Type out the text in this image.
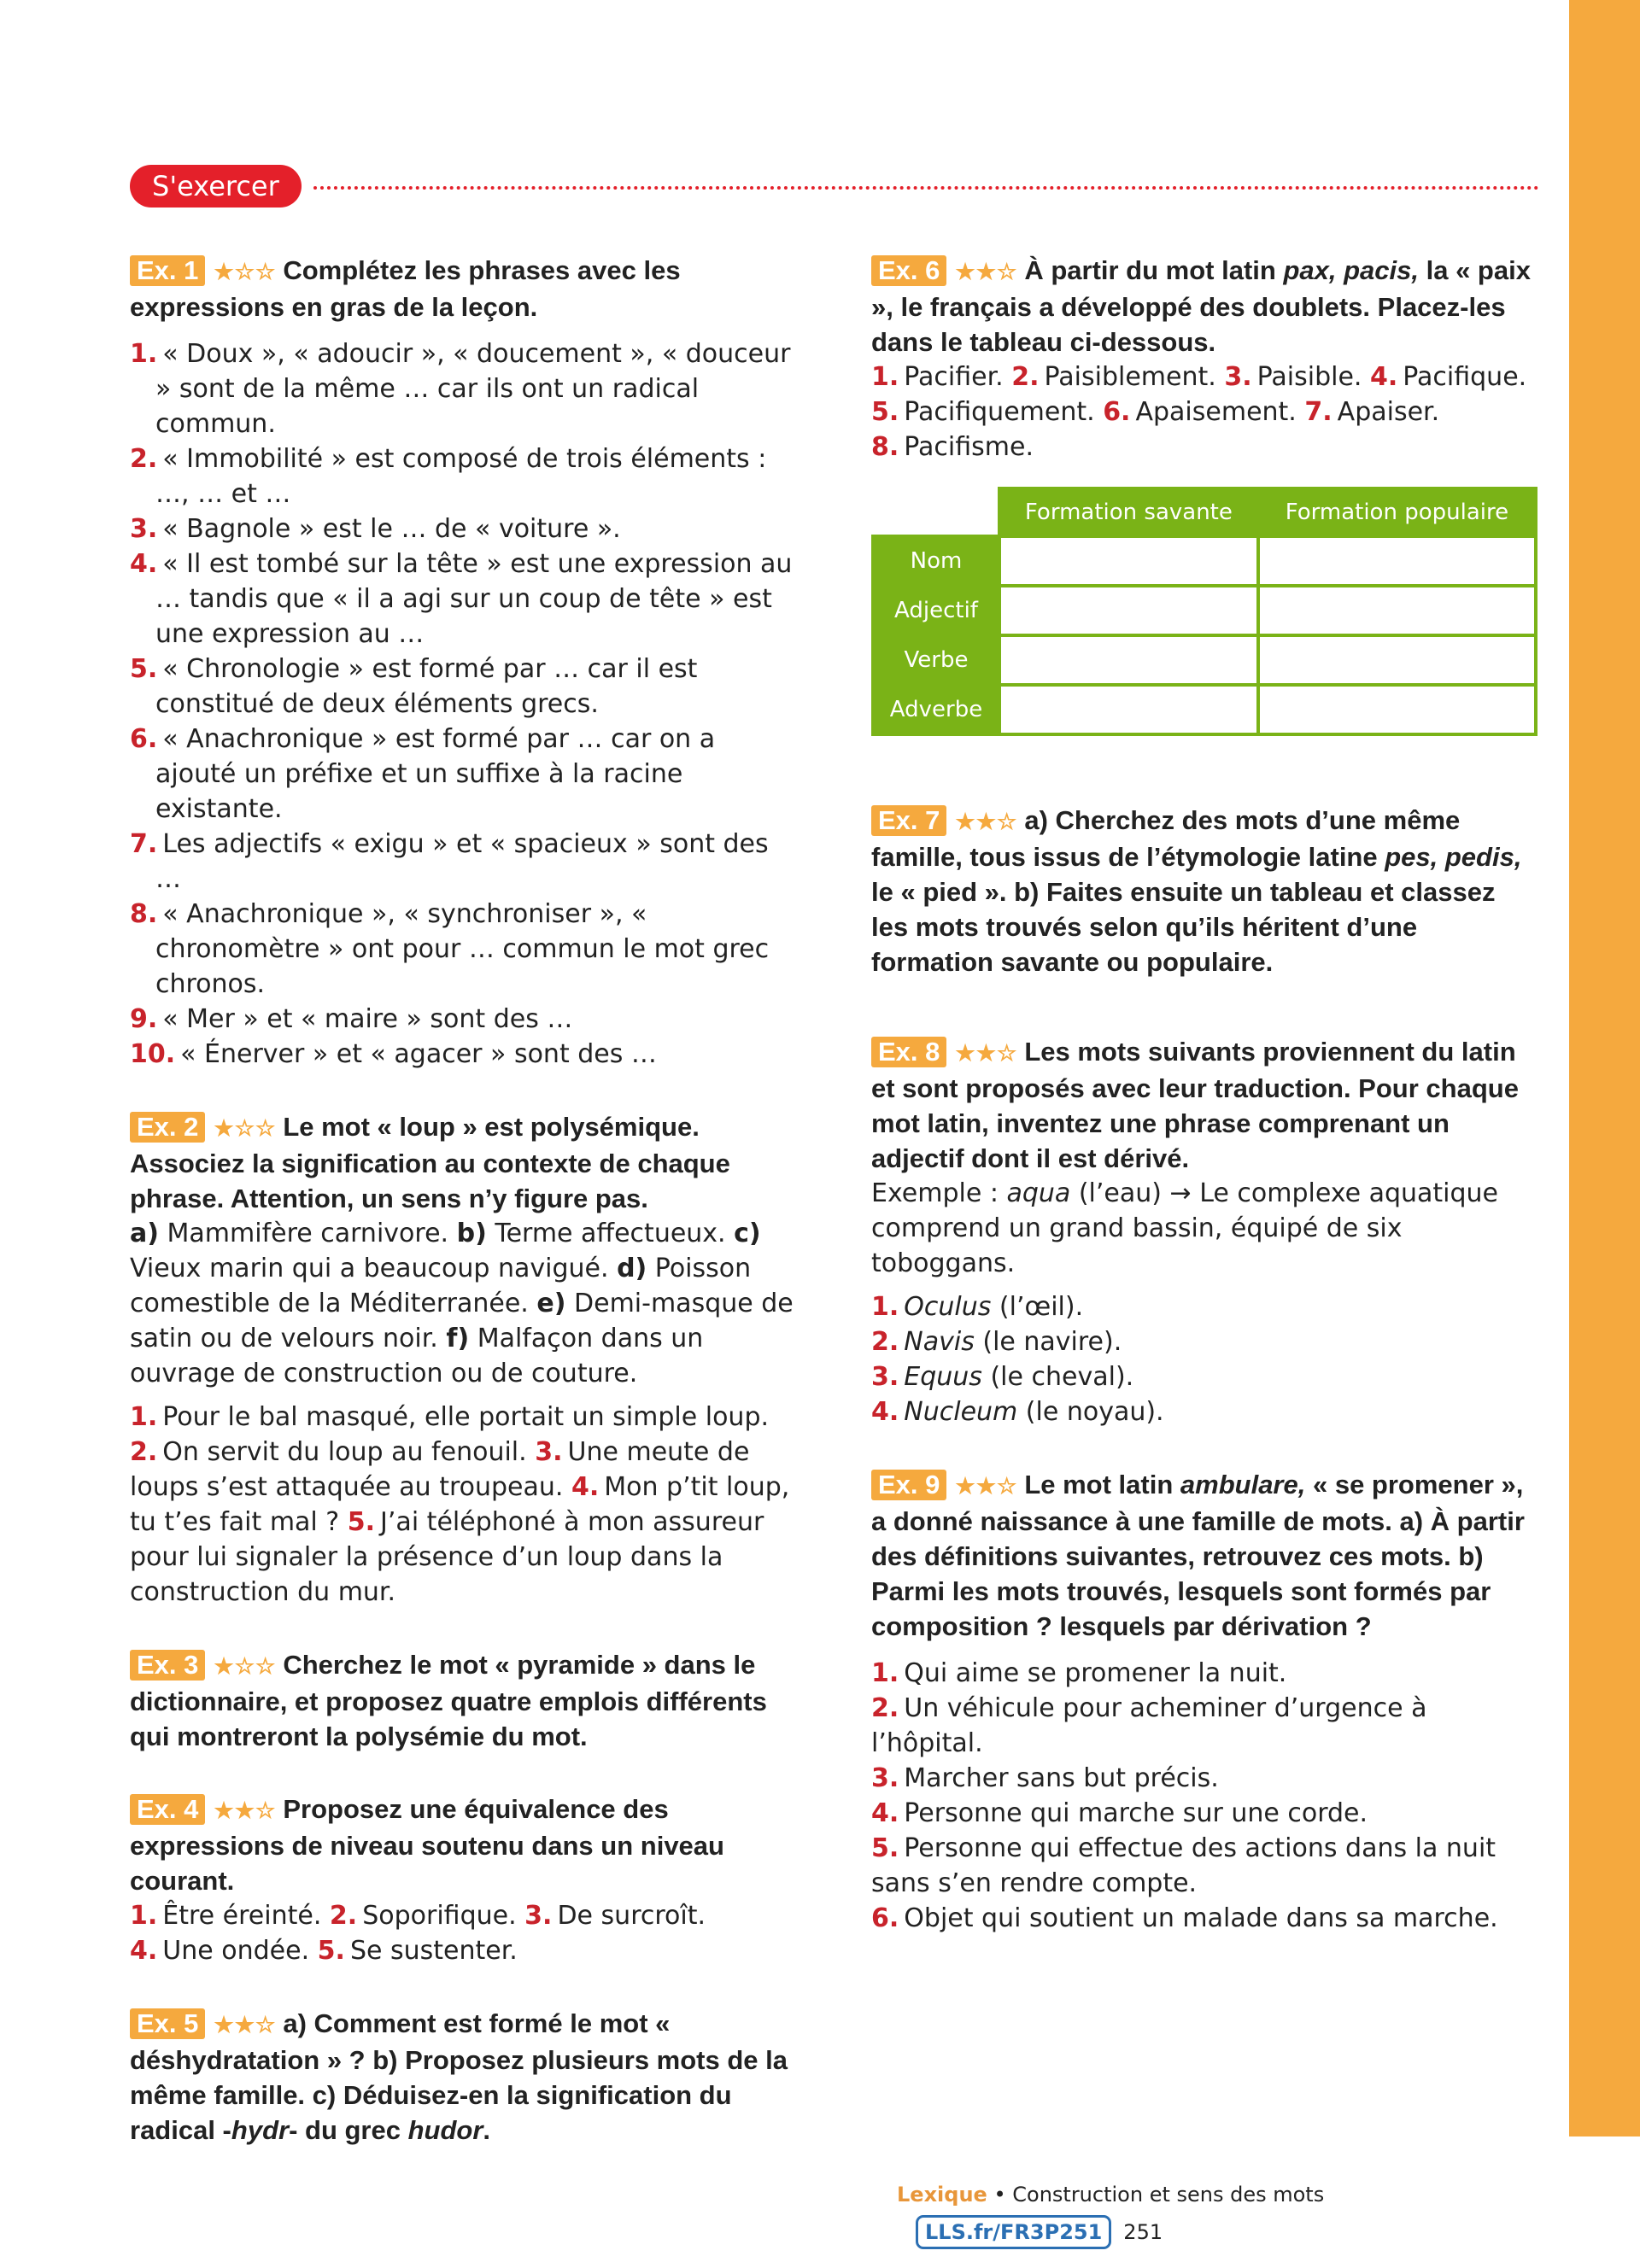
S'exercer
Ex. 1 ★☆☆ Complétez les phrases avec les expressions en gras de la leçon.
1. « Doux », « adoucir », « doucement », « douceur » sont de la même … car ils ont un radical commun.
2. « Immobilité » est composé de trois éléments : …, … et …
3. « Bagnole » est le … de « voiture ».
4. « Il est tombé sur la tête » est une expression au … tandis que « il a agi sur un coup de tête » est une expression au …
5. « Chronologie » est formé par … car il est constitué de deux éléments grecs.
6. « Anachronique » est formé par … car on a ajouté un préfixe et un suffixe à la racine existante.
7. Les adjectifs « exigu » et « spacieux » sont des …
8. « Anachronique », « synchroniser », « chronomètre » ont pour … commun le mot grec chronos.
9. « Mer » et « maire » sont des …
10. « Énerver » et « agacer » sont des …
Ex. 2 ★☆☆ Le mot « loup » est polysémique. Associez la signification au contexte de chaque phrase. Attention, un sens n’y figure pas.

a) Mammifère carnivore. b) Terme affectueux. c) Vieux marin qui a beaucoup navigué. d) Poisson comestible de la Méditerranée. e) Demi-masque de satin ou de velours noir. f) Malfaçon dans un ouvrage de construction ou de couture.

1. Pour le bal masqué, elle portait un simple loup. 2. On servit du loup au fenouil. 3. Une meute de loups s’est attaquée au troupeau. 4. Mon p’tit loup, tu t’es fait mal ? 5. J’ai téléphoné à mon assureur pour lui signaler la présence d’un loup dans la construction du mur.

Ex. 3 ★☆☆ Cherchez le mot « pyramide » dans le dictionnaire, et proposez quatre emplois différents qui montreront la polysémie du mot.
Ex. 4 ★★☆ Proposez une équivalence des expressions de niveau soutenu dans un niveau courant.

1. Être éreinté. 2. Soporifique. 3. De surcroît. 4. Une ondée. 5. Se sustenter.

Ex. 5 ★★☆ a) Comment est formé le mot « déshydratation » ? b) Proposez plusieurs mots de la même famille. c) Déduisez-en la signification du radical -hydr- du grec hudor.
Ex. 6 ★★☆ À partir du mot latin pax, pacis, la « paix », le français a développé des doublets. Placez-les dans le tableau ci-dessous.

1. Pacifier. 2. Paisiblement. 3. Paisible. 4. Pacifique. 5. Pacifiquement. 6. Apaisement. 7. Apaiser. 8. Pacifisme.

	Formation savante	Formation populaire
Nom		
Adjectif		
Verbe		
Adverbe		
Ex. 7 ★★☆ a) Cherchez des mots d’une même famille, tous issus de l’étymologie latine pes, pedis, le « pied ». b) Faites ensuite un tableau et classez les mots trouvés selon qu’ils héritent d’une formation savante ou populaire.
Ex. 8 ★★☆ Les mots suivants proviennent du latin et sont proposés avec leur traduction. Pour chaque mot latin, inventez une phrase comprenant un adjectif dont il est dérivé.

Exemple : aqua (l’eau) → Le complexe aquatique comprend un grand bassin, équipé de six toboggans.

1. Oculus (l’œil).
2. Navis (le navire).
3. Equus (le cheval).
4. Nucleum (le noyau).
Ex. 9 ★★☆ Le mot latin ambulare, « se promener », a donné naissance à une famille de mots. a) À partir des définitions suivantes, retrouvez ces mots. b) Parmi les mots trouvés, lesquels sont formés par composition ? lesquels par dérivation ?
1. Qui aime se promener la nuit.
2. Un véhicule pour acheminer d’urgence à l’hôpital.
3. Marcher sans but précis.
4. Personne qui marche sur une corde.
5. Personne qui effectue des actions dans la nuit sans s’en rendre compte.
6. Objet qui soutient un malade dans sa marche.
Lexique • Construction et sens des motsLLS.fr/FR3P251 251
